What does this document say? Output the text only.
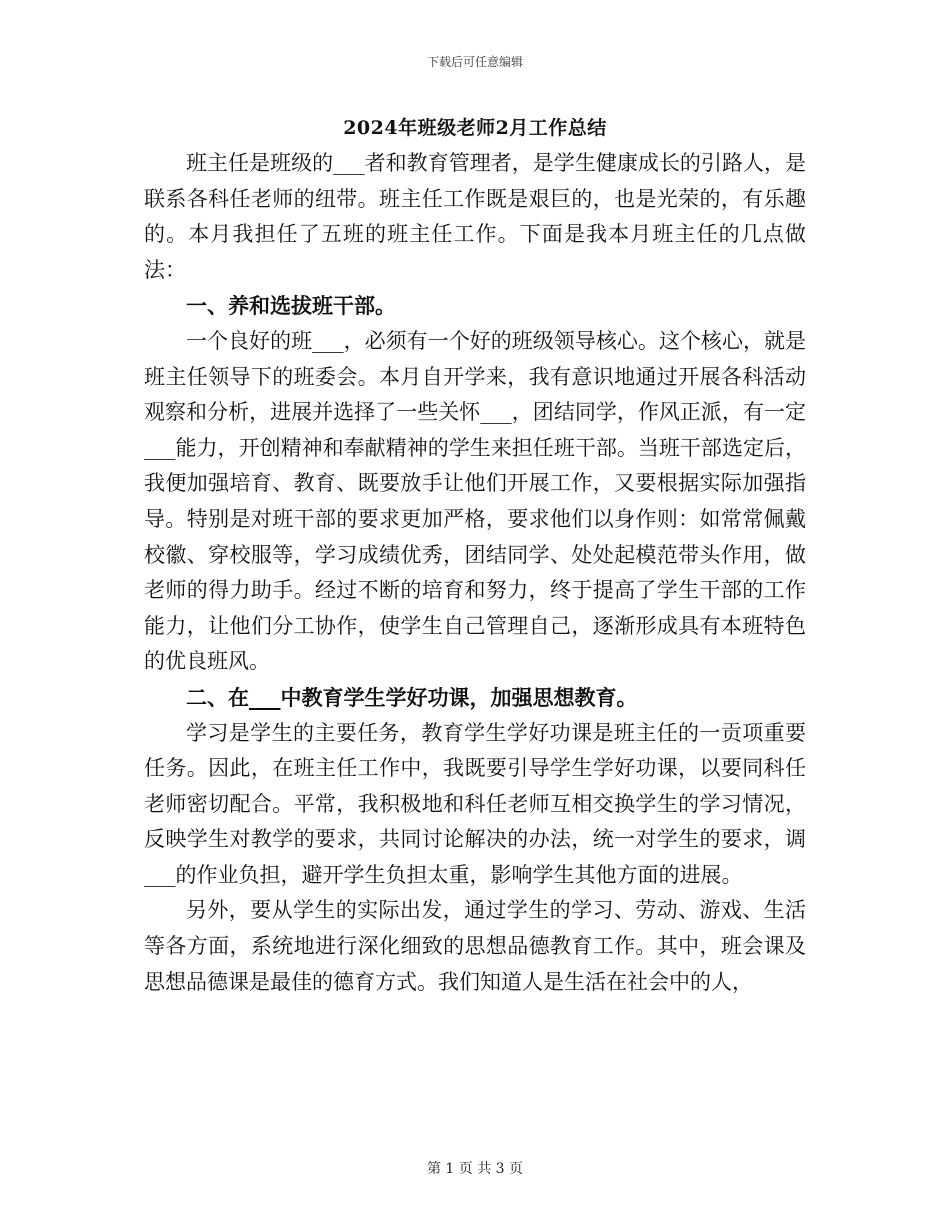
下载后可任意编辑
2024年班级老师2月工作总结

班主任是班级的___者和教育管理者，是学生健康成长的引路人，是联系各科任老师的纽带。班主任工作既是艰巨的，也是光荣的，有乐趣的。本月我担任了五班的班主任工作。下面是我本月班主任的几点做法：

一、养和选拔班干部。

一个良好的班___，必须有一个好的班级领导核心。这个核心，就是班主任领导下的班委会。本月自开学来，我有意识地通过开展各科活动观察和分析，进展并选择了一些关怀___，团结同学，作风正派，有一定___能力，开创精神和奉献精神的学生来担任班干部。当班干部选定后，我便加强培育、教育、既要放手让他们开展工作，又要根据实际加强指导。特别是对班干部的要求更加严格，要求他们以身作则：如常常佩戴校徽、穿校服等，学习成绩优秀，团结同学、处处起模范带头作用，做老师的得力助手。经过不断的培育和努力，终于提高了学生干部的工作能力，让他们分工协作，使学生自己管理自己，逐渐形成具有本班特色的优良班风。

二、在___中教育学生学好功课，加强思想教育。

学习是学生的主要任务，教育学生学好功课是班主任的一贡项重要任务。因此，在班主任工作中，我既要引导学生学好功课，以要同科任老师密切配合。平常，我积极地和科任老师互相交换学生的学习情况，反映学生对教学的要求，共同讨论解决的办法，统一对学生的要求，调___的作业负担，避开学生负担太重，影响学生其他方面的进展。

另外，要从学生的实际出发，通过学生的学习、劳动、游戏、生活等各方面，系统地进行深化细致的思想品德教育工作。其中，班会课及思想品德课是最佳的德育方式。我们知道人是生活在社会中的人，

第 1 页 共 3 页
